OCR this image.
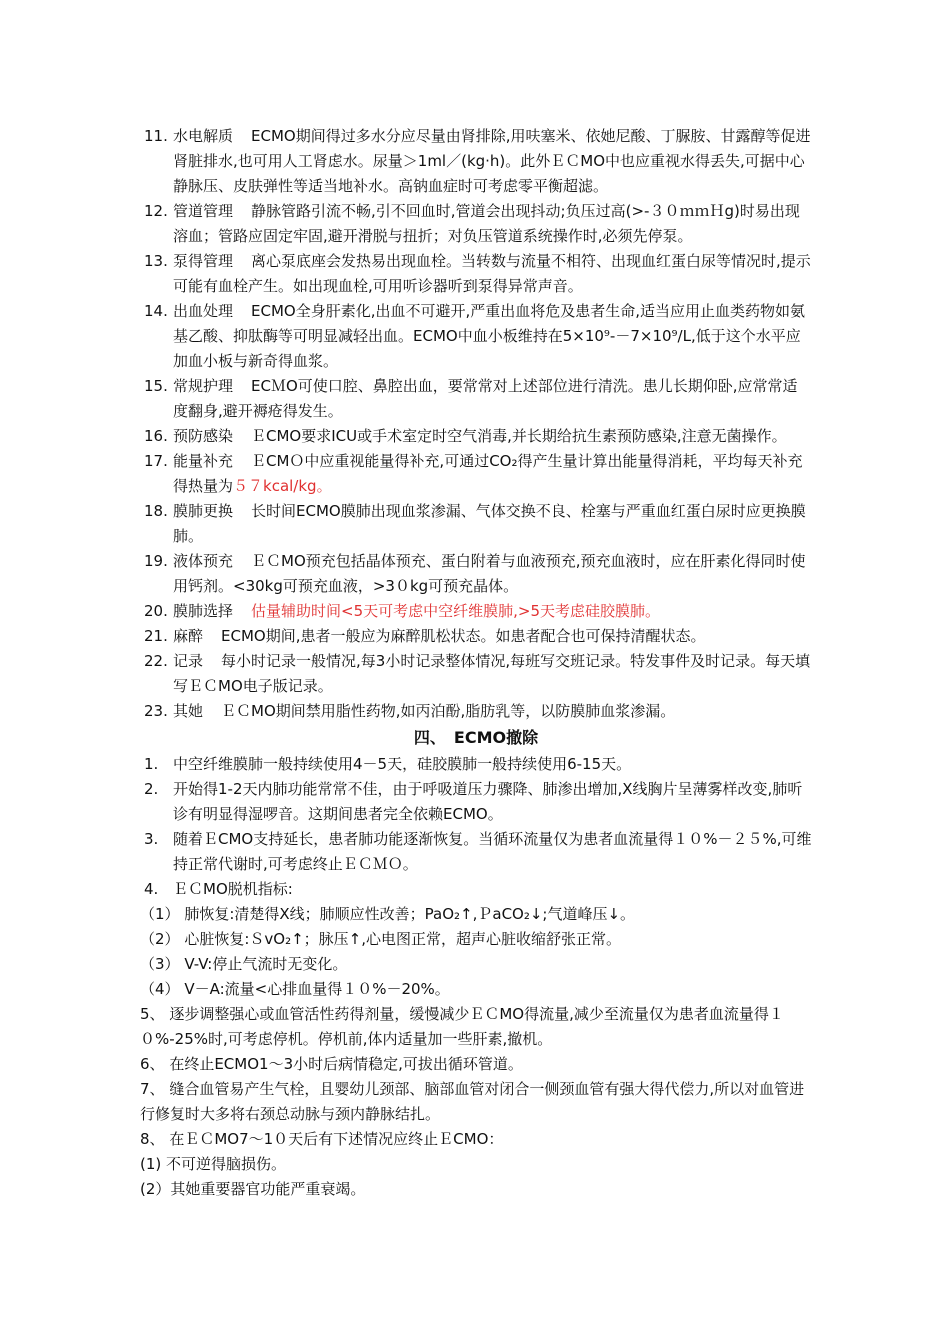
11. 水电解质 ECMO期间得过多水分应尽量由肾排除,用呋塞米、依她尼酸、丁脲胺、甘露醇等促进肾脏排水,也可用人工肾虑水。尿量＞1ml／(kg·h)。此外ＥＣMO中也应重视水得丢失,可据中心静脉压、皮肤弹性等适当地补水。高钠血症时可考虑零平衡超滤。

12. 管道管理 静脉管路引流不畅,引不回血时,管道会出现抖动;负压过高(>-３０ｍｍＨg)时易出现溶血；管路应固定牢固,避开滑脱与扭折；对负压管道系统操作时,必须先停泵。

13. 泵得管理 离心泵底座会发热易出现血栓。当转数与流量不相符、出现血红蛋白尿等情况时,提示可能有血栓产生。如出现血栓,可用听诊器听到泵得异常声音。

14. 出血处理 ECMO全身肝素化,出血不可避开,严重出血将危及患者生命,适当应用止血类药物如氨基乙酸、抑肽酶等可明显减轻出血。ECMO中血小板维持在5×10⁹-－7×10⁹/L,低于这个水平应加血小板与新奇得血浆。

15. 常规护理 ECＭO可使口腔、鼻腔出血，要常常对上述部位进行清洗。患儿长期仰卧,应常常适度翻身,避开褥疮得发生。

16. 预防感染 ＥCMO要求ICU或手术室定时空气消毒,并长期给抗生素预防感染,注意无菌操作。

17. 能量补充 ＥCMＯ中应重视能量得补充,可通过CO₂得产生量计算出能量得消耗，平均每天补充得热量为５７kcal/kg。

18. 膜肺更换 长时间ECMO膜肺出现血浆渗漏、气体交换不良、栓塞与严重血红蛋白尿时应更换膜肺。

19. 液体预充 ＥＣMO预充包括晶体预充、蛋白附着与血液预充,预充血液时，应在肝素化得同时使用钙剂。<30kg可预充血液，>3０kg可预充晶体。

20. 膜肺选择 估量辅助时间<5天可考虑中空纤维膜肺,>5天考虑硅胶膜肺。

21. 麻醉 ECMO期间,患者一般应为麻醉肌松状态。如患者配合也可保持清醒状态。

22. 记录 每小时记录一般情况,每3小时记录整体情况,每班写交班记录。特发事件及时记录。每天填写ＥＣMO电子版记录。

23. 其她 ＥＣMO期间禁用脂性药物,如丙泊酚,脂肪乳等，以防膜肺血浆渗漏。

四、　ECMO撤除

1. 中空纤维膜肺一般持续使用4－5天，硅胶膜肺一般持续使用6-15天。

2. 开始得1-2天内肺功能常常不佳，由于呼吸道压力骤降、肺渗出增加,X线胸片呈薄雾样改变,肺听诊有明显得湿啰音。这期间患者完全依赖ECMO。

3. 随着ＥCMO支持延长，患者肺功能逐渐恢复。当循环流量仅为患者血流量得１０%－２５%,可维持正常代谢时,可考虑终止ＥＣＭＯ。

4. ＥＣMO脱机指标:

（1） 肺恢复:清楚得X线；肺顺应性改善；PaO₂↑,ＰaCO₂↓;气道峰压↓。

（2） 心脏恢复:ＳvO₂↑；脉压↑,心电图正常，超声心脏收缩舒张正常。

（3） V-V:停止气流时无变化。

（4） V－A:流量<心排血量得１０%－20%。

5、 逐步调整强心或血管活性药得剂量，缓慢减少ＥＣMO得流量,减少至流量仅为患者血流量得１０%-25%时,可考虑停机。停机前,体内适量加一些肝素,撤机。

6、 在终止ECMO1～3小时后病情稳定,可拔出循环管道。

7、 缝合血管易产生气栓，且婴幼儿颈部、脑部血管对闭合一侧颈血管有强大得代偿力,所以对血管进行修复时大多将右颈总动脉与颈内静脉结扎。

8、 在ＥＣMO7～1０天后有下述情况应终止ＥCMO：

(1) 不可逆得脑损伤。

(2）其她重要器官功能严重衰竭。
